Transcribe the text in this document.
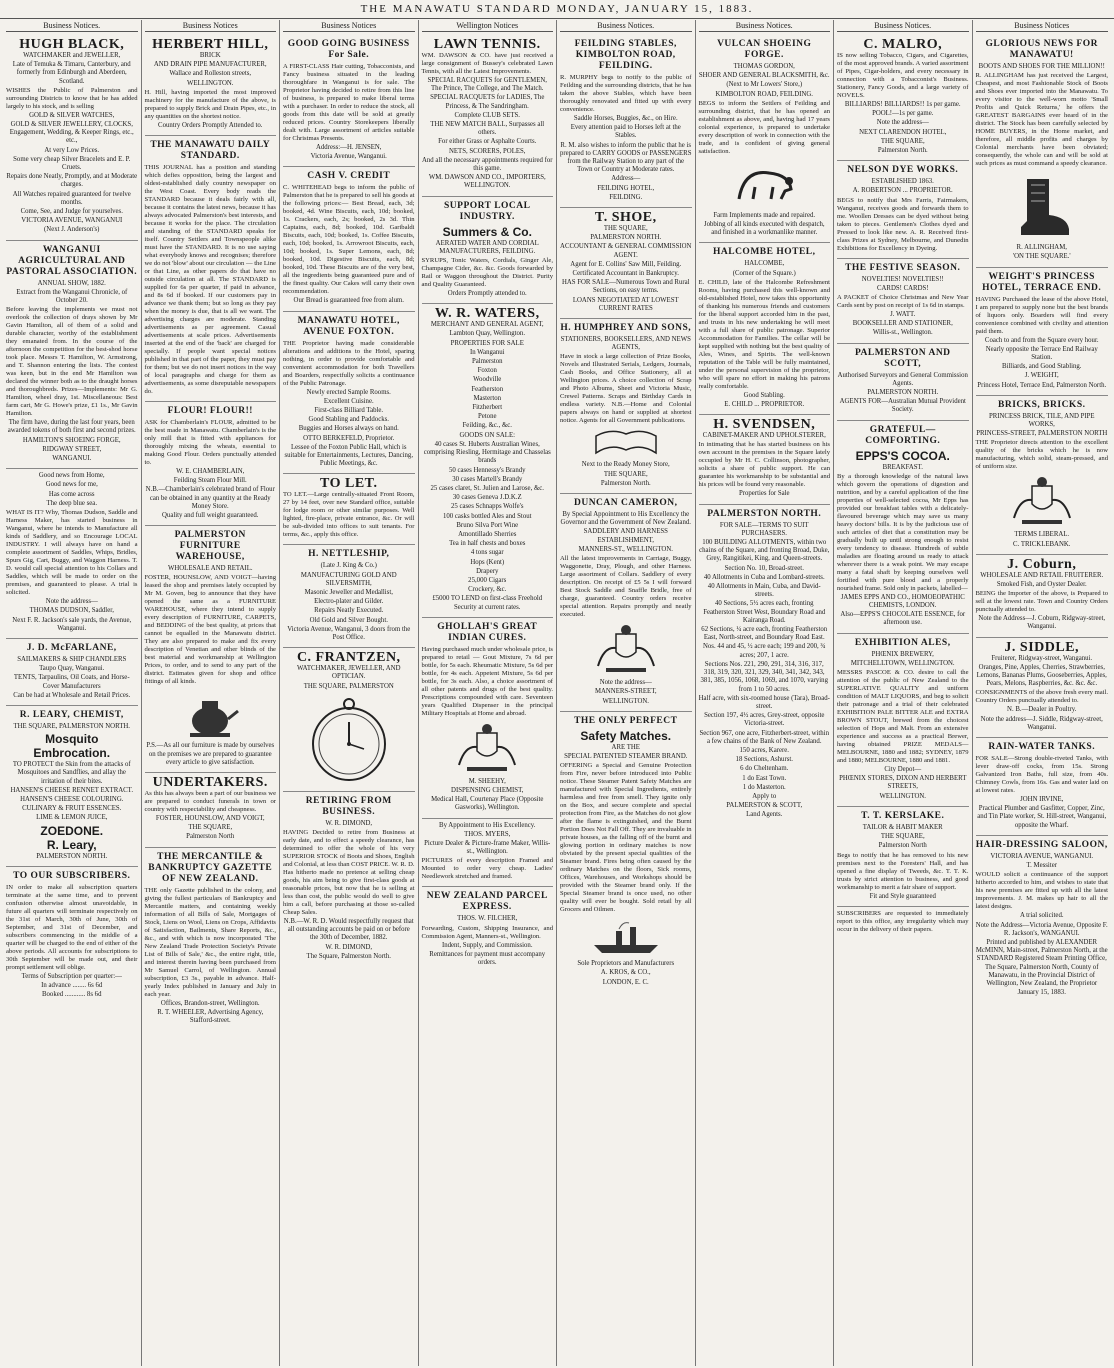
THE MANAWATU STANDARD MONDAY, JANUARY 15, 1883.
Business Notices.
HUGH BLACK,
WATCHMAKER and JEWELLER,
Late of Temuka & Timaru, Canterbury, and formerly from Edinburgh and Aberdeen, Scotland.
WISHES the Public of Palmerston and surrounding Districts to know that he has added largely to his stock, and is selling
GOLD & SILVER WATCHES,
GOLD & SILVER JEWELLERY, CLOCKS, Engagement, Wedding, & Keeper Rings, etc., etc.,
At very Low Prices.
Some very cheap Silver Bracelets and E. P. Cruets.
Repairs done Neatly, Promptly, and at Moderate charges.
All Watches repaired guaranteed for twelve months.
Come, See, and Judge for yourselves.
VICTORIA AVENUE, WANGANUI
(Next J. Anderson's)
WANGANUI AGRICULTURAL AND PASTORAL ASSOCIATION.
ANNUAL SHOW, 1882.
Extract from the Wanganui Chronicle, of October 20.
Before leaving the implements we must not overlook the collection of drays shown by Mr Gavin Hamilton, all of them of a solid and durable character, worthy of the establishment they emanated from. In the course of the afternoon the competition for the best-shod horse took place. Messrs T. Hamilton, W. Armstrong, and T. Shannon entering the lists. The contest was keen, but in the end Mr Hamilton was declared the winner both as to the draught horses and thoroughbreds. Prizes—Implements: Mr G. Hamilton, wheel dray, 1st. Miscellaneous: Best farm cart, Mr G. Howe's prize, £1 1s., Mr Gavin Hamilton.
The firm have, during the last four years, been awarded tokens of both first and second prizes.
HAMILTON'S SHOEING FORGE,
RIDGWAY STREET,
WANGANUI.
Good news from Home,
Good news for me,
Has come across
The deep blue sea.
WHAT IS IT? Why, Thomas Dudson, Saddle and Harness Maker, has started business in Wanganui, where he intends to Manufacture all kinds of Saddlery, and so Encourage LOCAL INDUSTRY. I will always have on hand a complete assortment of Saddles, Whips, Bridles, Spurs Gig, Cart, Buggy, and Waggon Harness. T. D. would call special attention to his Collars and Saddles, which will be made to order on the premises, and guaranteed to please. A trial is solicited.
Note the address—
THOMAS DUDSON, Saddler,
Next F. R. Jackson's sale yards, the Avenue, Wanganui.
J. D. McFARLANE,
SAILMAKERS & SHIP CHANDLERS
Taupo Quay, Wanganui.
TENTS, Tarpaulins, Oil Coats, and Horse-Cover Manufacturers
Can be had at Wholesale and Retail Prices.
R. LEARY, CHEMIST,
THE SQUARE, PALMERSTON NORTH.
Mosquito Embrocation.
TO PROTECT the Skin from the attacks of Mosquitoes and Sandflies, and allay the irritation of their bites.
HANSEN'S CHEESE RENNET EXTRACT.
HANSEN'S CHEESE COLOURING.
CULINARY & FRUIT ESSENCES.
LIME & LEMON JUICE,
ZOEDONE.
R. Leary,
PALMERSTON NORTH.
TO OUR SUBSCRIBERS.
IN order to make all subscription quarters terminate at the same time, and to prevent confusion otherwise almost unavoidable, in future all quarters will terminate respectively on the 31st of March, 30th of June, 30th of September, and 31st of December, and subscribers commencing in the middle of a quarter will be charged to the end of either of the above periods. All accounts for subscriptions to 30th September will be made out, and their prompt settlement will oblige.
Terms of Subscription per quarter:—
In advance ........ 6s 6d
Booked ............ 8s 6d
Business Notices
HERBERT HILL,
BRICK
AND DRAIN PIPE MANUFACTURER,
Wallace and Rolleston streets,
WELLINGTON.
H. Hill, having imported the most improved machinery for the manufacture of the above, is prepared to supply Brick and Drain Pipes, etc., in any quantities on the shortest notice.
Country Orders Promptly Attended to.
THE MANAWATU DAILY STANDARD.
THIS JOURNAL has a position and standing which defies opposition, being the largest and oldest-established daily country newspaper on the West Coast. Every body reads the STANDARD because it deals fairly with all, because it contains the latest news, because it has always advocated Palmerston's best interests, and because it works for the place. The circulation and standing of the STANDARD speaks for itself. Country Settlers and Townspeople alike must have the STANDARD. It is no use saying what everybody knows and recognises; therefore we do not 'blow' about our circulation — the Line or that Line, as other papers do that have no outside circulation at all. The STANDARD is supplied for 6s per quarter, if paid in advance, and 8s 6d if booked. If our customers pay in advance we thank them; but so long as they pay when the money is due, that is all we want. The advertising charges are moderate. Standing advertisements as per agreement. Casual advertisements at scale prices. Advertisements inserted at the end of the 'back' are charged for specially. If people want special notices published in that part of the paper, they must pay for them; but we do not insert notices in the way of local paragraphs and charge for them as advertisements, as some disreputable newspapers do.
FLOUR! FLOUR!!
ASK for Chamberlain's FLOUR, admitted to be the best made in Manawatu. Chamberlain's is the only mill that is fitted with appliances for thoroughly mixing the wheats, essential to making Good Flour. Orders punctually attended to.
W. E. CHAMBERLAIN,
Feilding Steam Flour Mill.
N.B.—Chamberlain's celebrated brand of Flour can be obtained in any quantity at the Ready Money Store.
Quality and full weight guaranteed.
PALMERSTON FURNITURE WAREHOUSE,
WHOLESALE AND RETAIL.
FOSTER, HOUNSLOW, AND VOIGT—having leased the shop and premises lately occupied by Mr M. Goven, beg to announce that they have opened the same as a FURNITURE WAREHOUSE, where they intend to supply every description of FURNITURE, CARPETS, and BEDDING of the best quality, at prices that cannot be equalled in the Manawatu district. They are also prepared to make and fix every description of Venetian and other blinds of the best material and workmanship at Wellington Prices, to order, and to send to any part of the district. Estimates given for shop and office fittings of all kinds.
P.S.—As all our furniture is made by ourselves on the premises we are prepared to guarantee every article to give satisfaction.
UNDERTAKERS.
As this has always been a part of our business we are prepared to conduct funerals in town or country with respectability and cheapness.
FOSTER, HOUNSLOW, AND VOIGT,
THE SQUARE,
Palmerston North
THE MERCANTILE & BANKRUPTCY GAZETTE OF NEW ZEALAND.
THE only Gazette published in the colony, and giving the fullest particulars of Bankruptcy and Mercantile matters, and containing weekly information of all Bills of Sale, Mortgages of Stock, Liens on Wool, Liens on Crops, Affidavits of Satisfaction, Bailments, Share Reports, &c., &c., and with which is now incorporated 'The New Zealand Trade Protection Society's Private List of Bills of Sale,' &c., the entire right, title, and interest therein having been purchased from Mr Samuel Carrol, of Wellington. Annual subscription, £3 3s., payable in advance. Half-yearly Index published in January and July in each year.
Offices, Brandon-street, Wellington.
R. T. WHEELER, Advertising Agency, Stafford-street.
Business Notices
GOOD GOING BUSINESS For Sale.
A FIRST-CLASS Hair cutting, Tobacconists, and Fancy business situated in the leading thoroughfare in Wanganui is for sale. The Proprietor having decided to retire from this line of business, is prepared to make liberal terms with a purchaser. In order to reduce the stock, all goods from this date will be sold at greatly reduced prices. Country Storekeepers liberally dealt with. Large assortment of articles suitable for Christmas Presents.
Address:—H. JENSEN,
Victoria Avenue, Wanganui.
CASH V. CREDIT
C. WHITEHEAD begs to inform the public of Palmerston that he is prepared to sell his goods at the following prices:— Best Bread, each, 3d; booked, 4d. Wine Biscuits, each, 10d; booked, 1s. Crackers, each, 2s; booked, 2s 3d. Thin Captains, each, 8d; booked, 10d. Garibaldi Biscuits, each, 10d; booked, 1s. Coffee Biscuits, each, 10d; booked, 1s. Arrowroot Biscuits, each, 10d; booked, 1s. Super Lemons, each, 8d; booked, 10d. Digestive Biscuits, each, 8d; booked, 10d. These Biscuits are of the very best, all the ingredients being guaranteed pure and of the finest quality. Our Cakes will carry their own recommendation.
Our Bread is guaranteed free from alum.
MANAWATU HOTEL, AVENUE FOXTON.
THE Proprietor having made considerable alterations and additions to the Hotel, sparing nothing, in order to provide comfortable and convenient accommodation for both Travellers and Boarders, respectfully solicits a continuance of the Public Patronage.
Newly erected Sample Rooms.
Excellent Cuisine.
First-class Billiard Table.
Good Stabling and Paddocks.
Buggies and Horses always on hand.
OTTO BERKEFELD, Proprietor.
Lessee of the Foxton Public Hall, which is suitable for Entertainments, Lectures, Dancing, Public Meetings, &c.
TO LET.
TO LET.—Large centrally-situated Front Room, 27 by 14 feet, over new Standard office, suitable for lodge room or other similar purposes. Well lighted, fire-place, private entrance, &c. Or will be sub-divided into offices to suit tenants. For terms, &c., apply this office.
H. NETTLESHIP,
(Late J. King & Co.)
MANUFACTURING GOLD AND SILVERSMITH,
Masonic Jeweller and Medallist,
Electro-plater and Gilder.
Repairs Neatly Executed.
Old Gold and Silver Bought.
Victoria Avenue, Wanganui, 3 doors from the Post Office.
C. FRANTZEN,
WATCHMAKER, JEWELLER, AND OPTICIAN.
THE SQUARE, PALMERSTON
RETIRING FROM BUSINESS.
W. R. DIMOND,
HAVING Decided to retire from Business at early date, and to effect a speedy clearance, has determined to offer the whole of his very SUPERIOR STOCK of Boots and Shoes, English and Colonial, at less than COST PRICE. W. R. D. Has hitherto made no pretence at selling cheap goods, his aim being to give first-class goods at reasonable prices, but now that he is selling at less than cost, the public would do well to give him a call, before purchasing at those so-called Cheap Sales.
N.B.—W. R. D. Would respectfully request that all outstanding accounts be paid on or before the 30th of December, 1882.
W. R. DIMOND,
The Square, Palmerston North.
Wellington Notices
LAWN TENNIS.
WM. DAWSON & CO. have just received a large consignment of Bussey's celebrated Lawn Tennis, with all the Latest Improvements.
SPECIAL RACQUETS for GENTLEMEN, The Prince, The College, and The Match.
SPECIAL RACQUETS for LADIES, The Princess, & The Sandringham.
Complete CLUB SETS.
THE NEW MATCH BALL, Surpasses all others.
For either Grass or Asphalte Courts.
NETS, SCORERS, POLES,
And all the necessary appointments required for this game.
WM. DAWSON AND CO., IMPORTERS, WELLINGTON.
SUPPORT LOCAL INDUSTRY.
Summers & Co.
AERATED WATER AND CORDIAL MANUFACTURERS, FEILDING.
SYRUPS, Tonic Waters, Cordials, Ginger Ale, Champagne Cider, &c. &c. Goods forwarded by Rail or Waggon throughout the District. Purity and Quality Guaranteed.
Orders Promptly attended to.
W. R. WATERS,
MERCHANT AND GENERAL AGENT,
Lambton Quay, Wellington.
PROPERTIES FOR SALE
In Wanganui
Palmerston
Foxton
Woodville
Featherston
Masterton
Fitzherbert
Petone
Feilding, &c., &c.
GOODS ON SALE:
40 cases St. Huberts Australian Wines, comprising Riesling, Hermitage and Chasselas brands
50 cases Hennessy's Brandy
30 cases Martell's Brandy
25 cases claret, St. Julien and Larose, &c.
30 cases Geneva J.D.K.Z
25 cases Schnapps Wolfe's
100 casks bottled Ales and Stout
Bruno Silva Port Wine
Amontillado Sherries
Tea in half chests and boxes
4 tons sugar
Hops (Kent)
Drapery
25,000 Cigars
Crockery, &c.
£5000 TO LEND on first-class Freehold Security at current rates.
GHOLLAH'S GREAT INDIAN CURES.
Having purchased much under wholesale price, is prepared to retail — Gout Mixture, 7s 6d per bottle, for 5s each. Rheumatic Mixture, 5s 6d per bottle, for 4s each. Appetent Mixture, 5s 6d per bottle, for 3s each. Also, a choice assortment of all other patents and drugs of the best quality. Prescriptions compounded with care. Seventeen years Qualified Dispenser in the principal Military Hospitals at Home and abroad.
M. SHEEHY,
DISPENSING CHEMIST,
Medical Hall, Courtenay Place (Opposite Gasworks), Wellington.
By Appointment to His Excellency.
THOS. MYERS,
Picture Dealer & Picture-frame Maker, Willis-st., Wellington.
PICTURES of every description Framed and Mounted to order very cheap. Ladies' Needlework stretched and framed.
NEW ZEALAND PARCEL EXPRESS.
THOS. W. FILCHER,
Forwarding, Custom, Shipping Insurance, and Commission Agent, Manners-st., Wellington.
Indent, Supply, and Commission.
Remittances for payment must accompany orders.
Business Notices.
FEILDING STABLES, KIMBOLTON ROAD, FEILDING.
R. MURPHY begs to notify to the public of Feilding and the surrounding districts, that he has taken the above Stables, which have been thoroughly renovated and fitted up with every convenience.
Saddle Horses, Buggies, &c., on Hire.
Every attention paid to Horses left at the Stables.
R. M. also wishes to inform the public that he is prepared to CARRY GOODS or PASSENGERS from the Railway Station to any part of the Town or Country at Moderate rates.
Address—
FEILDING HOTEL,
FEILDING.
T. SHOE,
THE SQUARE,
PALMERSTON NORTH.
ACCOUNTANT & GENERAL COMMISSION AGENT.
Agent for E. Collins' Saw Mill, Feilding.
Certificated Accountant in Bankruptcy.
HAS FOR SALE—Numerous Town and Rural Sections, on easy terms.
LOANS NEGOTIATED AT LOWEST CURRENT RATES
H. HUMPHREY AND SONS,
STATIONERS, BOOKSELLERS, AND NEWS AGENTS,
Have in stock a large collection of Prize Books, Novels and Illustrated Serials, Ledgers, Journals, Cash Books, and Office Stationery, all at Wellington prices. A choice collection of Scrap and Photo Albums, Sheet and Victoria Music, Crewel Patterns. Scraps and Birthday Cards in endless variety. N.B.—Home and Colonial papers always on hand or supplied at shortest notice. Agents for all Government publications.
Next to the Ready Money Store,
THE SQUARE,
Palmerston North.
DUNCAN CAMERON,
By Special Appointment to His Excellency the Governor and the Government of New Zealand.
SADDLERY AND HARNESS ESTABLISHMENT,
MANNERS-ST., WELLINGTON.
All the latest improvements in Carriage, Buggy, Waggonette, Dray, Plough, and other Harness. Large assortment of Collars. Saddlery of every description. On receipt of £5 5s I will forward Best Stock Saddle and Snaffle Bridle, free of charge, guaranteed. Country orders receive special attention. Repairs promptly and neatly executed.
Note the address—
MANNERS-STREET,
WELLINGTON.
THE ONLY PERFECT
Safety Matches.
ARE THE
SPECIAL PATENTED STEAMER BRAND.
OFFERING a Special and Genuine Protection from Fire, never before introduced into Public notice. These Steamer Patent Safety Matches are manufactured with Special Ingredients, entirely harmless and free from smell. They ignite only on the Box, and secure complete and special protection from Fire, as the Matches do not glow after the flame is extinguished, and the Burnt Portion Does Not Fall Off. They are invaluable in private houses, as the falling off of the burnt and glowing portion in ordinary matches is now obviated by the present special qualities of the Steamer brand. Fires being often caused by the ordinary Matches on the floors, Sick rooms, Offices, Warehouses, and Workshops should be provided with the Steamer brand only. If the Special Steamer brand is once used, no other quality will ever be bought. Sold retail by all Grocers and Oilmen.
Sole Proprietors and Manufacturers
A. KROS, & CO.,
LONDON, E. C.
Business Notices.
VULCAN SHOEING FORGE.
THOMAS GORDON,
SHOER AND GENERAL BLACKSMITH, &c.
(Next to Mr Lowers' Store,)
KIMBOLTON ROAD, FEILDING.
BEGS to inform the Settlers of Feilding and surrounding district, that he has opened an establishment as above, and, having had 17 years colonial experience, is prepared to undertake every description of work in connection with the trade, and is confident of giving general satisfaction.
Farm Implements made and repaired.
Jobbing of all kinds executed with despatch, and finished in a workmanlike manner.
HALCOMBE HOTEL,
HALCOMBE,
(Corner of the Square.)
E. CHILD, late of the Halcombe Refreshment Rooms, having purchased this well-known and old-established Hotel, now takes this opportunity of thanking his numerous friends and customers for the liberal support accorded him in the past, and trusts in his new undertaking he will meet with a full share of public patronage. Superior Accommodation for Families. The cellar will be kept supplied with nothing but the best quality of Ales, Wines, and Spirits. The well-known reputation of the Table will be fully maintained, under the personal supervision of the proprietor, who will spare no effort in making his patrons really comfortable.
Good Stabling.
E. CHILD ... PROPRIETOR.
H. SVENDSEN,
CABINET-MAKER AND UPHOLSTERER,
In intimating that he has started business on his own account in the premises in the Square lately occupied by Mr H. C. Collinson, photographer, solicits a share of public support. He can guarantee his workmanship to be substantial and his prices will be found very reasonable.
Properties for Sale
PALMERSTON NORTH.
FOR SALE—TERMS TO SUIT PURCHASERS.
100 BUILDING ALLOTMENTS, within two chains of the Square, and fronting Broad, Duke, Grey, Rangitikei, King, and Queen-streets.
Section No. 10, Broad-street.
40 Allotments in Cuba and Lombard-streets.
40 Allotments in Main, Cuba, and David-streets.
40 Sections, 5½ acres each, fronting Featherston Street West, Boundary Road and Kairanga Road.
62 Sections, ¼ acre each, fronting Featherston East, North-street, and Boundary Road East.
Nos. 44 and 45, ½ acre each; 199 and 200, ¾ acres; 207, 1 acre.
Sections Nos. 221, 290, 291, 314, 316, 317, 318, 319, 320, 321, 329, 340, 341, 342, 343, 381, 385, 1056, 1068, 1069, and 1070, varying from 1 to 50 acres.
Half acre, with six-roomed house (Tara), Broad-street.
Section 197, 4½ acres, Grey-street, opposite Victoria-street.
Section 967, one acre, Fitzherbert-street, within a few chains of the Bank of New Zealand.
150 acres, Karere.
18 Sections, Ashurst.
6 do Cheltenham.
1 do East Town.
1 do Masterton.
Apply to
PALMERSTON & SCOTT,
Land Agents.
Business Notices.
C. MALRO,
IS now selling Tobacco, Cigars, and Cigarettes, of the most approved brands. A varied assortment of Pipes, Cigar-holders, and every necessary in connection with a Tobacconist's Business. Stationery, Fancy Goods, and a large variety of NOVELS.
BILLIARDS! BILLIARDS!! 1s per game.
POOL!—1s per game.
Note the address—
NEXT CLARENDON HOTEL,
THE SQUARE,
Palmerston North.
NELSON DYE WORKS.
ESTABLISHED 1863.
A. ROBERTSON ... PROPRIETOR.
BEGS to notify that Mrs Farris, Fairmakers, Wanganui, receives goods and forwards them to me. Woollen Dresses can be dyed without being taken to pieces. Gentlemen's Clothes dyed and Pressed to look like new. A. R. Received first-class Prizes at Sydney, Melbourne, and Dunedin Exhibitions for Excellency in Dyeing.
THE FESTIVE SEASON.
NOVELTIES! NOVELTIES!!
CARDS! CARDS!
A PACKET of Choice Christmas and New Year Cards sent by post on receipt of 1s 6d in stamps.
J. WATT.
BOOKSELLER AND STATIONER,
Willis-st., Wellington.
PALMERSTON AND SCOTT,
Authorised Surveyors and General Commission Agents.
PALMERSTON NORTH.
AGENTS FOR—Australian Mutual Provident Society.
GRATEFUL—COMFORTING.
EPPS'S COCOA.
BREAKFAST.
By a thorough knowledge of the natural laws which govern the operations of digestion and nutrition, and by a careful application of the fine properties of well-selected cocoa, Mr Epps has provided our breakfast tables with a delicately-flavoured beverage which may save us many heavy doctors' bills. It is by the judicious use of such articles of diet that a constitution may be gradually built up until strong enough to resist every tendency to disease. Hundreds of subtle maladies are floating around us ready to attack wherever there is a weak point. We may escape many a fatal shaft by keeping ourselves well fortified with pure blood and a properly nourished frame. Sold only in packets, labelled—
JAMES EPPS AND CO., HOMOEOPATHIC CHEMISTS, LONDON.
Also—EPPS'S CHOCOLATE ESSENCE, for afternoon use.
EXHIBITION ALES,
PHŒNIX BREWERY,
MITCHELLTOWN, WELLINGTON.
MESSRS PASCOE & CO. desire to call the attention of the public of New Zealand to the SUPERLATIVE QUALITY and uniform condition of MALT LIQUORS, and beg to solicit their patronage and a trial of their celebrated EXHIBITION PALE BITTER ALE and EXTRA BROWN STOUT, brewed from the choicest selection of Hops and Malt. From an extensive experience and success as a practical Brewer, having obtained PRIZE MEDALS—MELBOURNE, 1880 and 1882; SYDNEY, 1879 and 1880; MELBOURNE, 1880 and 1881.
City Depot—
PHŒNIX STORES, DIXON AND HERBERT STREETS,
WELLINGTON.
T. T. KERSLAKE.
TAILOR & HABIT MAKER
THE SQUARE,
Palmerston North
Begs to notify that he has removed to his new premises next to the Foresters' Hall, and has opened a fine display of Tweeds, &c. T. T. K. trusts by strict attention to business, and good workmanship to merit a fair share of support.
Fit and Style guaranteed
SUBSCRIBERS are requested to immediately report to this office, any irregularity which may occur in the delivery of their papers.
Business Notices
GLORIOUS NEWS FOR MANAWATU!
BOOTS AND SHOES FOR THE MILLION!!
R. ALLINGHAM has just received the Largest, Cheapest, and most Fashionable Stock of Boots and Shoes ever imported into the Manawatu. To every visitor to the well-worn motto 'Small Profits and Quick Returns,' he offers the GREATEST BARGAINS ever heard of in the district. The Stock has been carefully selected by HOME BUYERS, in the Home market, and therefore, all middle profits and charges by Colonial merchants have been obviated; consequently, the whole can and will be sold at such prices as must command a speedy clearance.
R. ALLINGHAM,
'ON THE SQUARE.'
WEIGHT'S PRINCESS HOTEL, TERRACE END.
HAVING Purchased the lease of the above Hotel, I am prepared to supply none but the best brands of liquors only. Boarders will find every convenience combined with civility and attention paid them.
Coach to and from the Square every hour.
Nearly opposite the Terrace End Railway Station.
Billiards, and Good Stabling.
J. WEIGHT,
Princess Hotel, Terrace End, Palmerston North.
BRICKS, BRICKS.
PRINCESS BRICK, TILE, AND PIPE WORKS,
PRINCESS-STREET, PALMERSTON NORTH
THE Proprietor directs attention to the excellent quality of the bricks which he is now manufacturing, which solid, steam-pressed, and of uniform size.
TERMS LIBERAL.
C. TRICKLEBANK.
J. Coburn,
WHOLESALE AND RETAIL FRUITERER.
Smoked Fish, and Oyster Dealer.
BEING the Importer of the above, is Prepared to sell at the lowest rate. Town and Country Orders punctually attended to.
Note the Address—J. Coburn, Ridgway-street, Wanganui.
J. SIDDLE,
Fruiterer, Ridgway-street, Wanganui.
Oranges, Pine, Apples, Cherries, Strawberries, Lemons, Bananas Plums, Gooseberries, Apples, Pears, Melons, Raspberries, &c. &c. &c.
CONSIGNMENTS of the above fresh every mail. Country Orders punctually attended to.
N. B.—Dealer in Poultry.
Note the address—J. Siddle, Ridgway-street, Wanganui.
RAIN-WATER TANKS.
FOR SALE—Strong double-riveted Tanks, with lever draw-off cocks, from 15s. Strong Galvanized Iron Baths, full size, from 40s. Chimney Cowls, from 16s. Gas and water laid on at lowest rates.
JOHN IRVINE,
Practical Plumber and Gasfitter, Copper, Zinc, and Tin Plate worker, St. Hill-street, Wanganui, opposite the Wharf.
HAIR-DRESSING SALOON,
VICTORIA AVENUE, WANGANUI.
T. Messiter
WOULD solicit a continuance of the support hitherto accorded to him, and wishes to state that his new premises are fitted up with all the latest improvements. J. M. makes up hair to all the latest designs.
A trial solicited.
Note the Address—Victoria Avenue, Opposite F. R. Jackson's, WANGANUI.
Printed and published by ALEXANDER McMINN, Main-street, Palmerston North, at the STANDARD Registered Steam Printing Office, The Square, Palmerston North, County of Manawatu, in the Provincial District of Wellington, New Zealand, the Proprietor
January 15, 1883.
